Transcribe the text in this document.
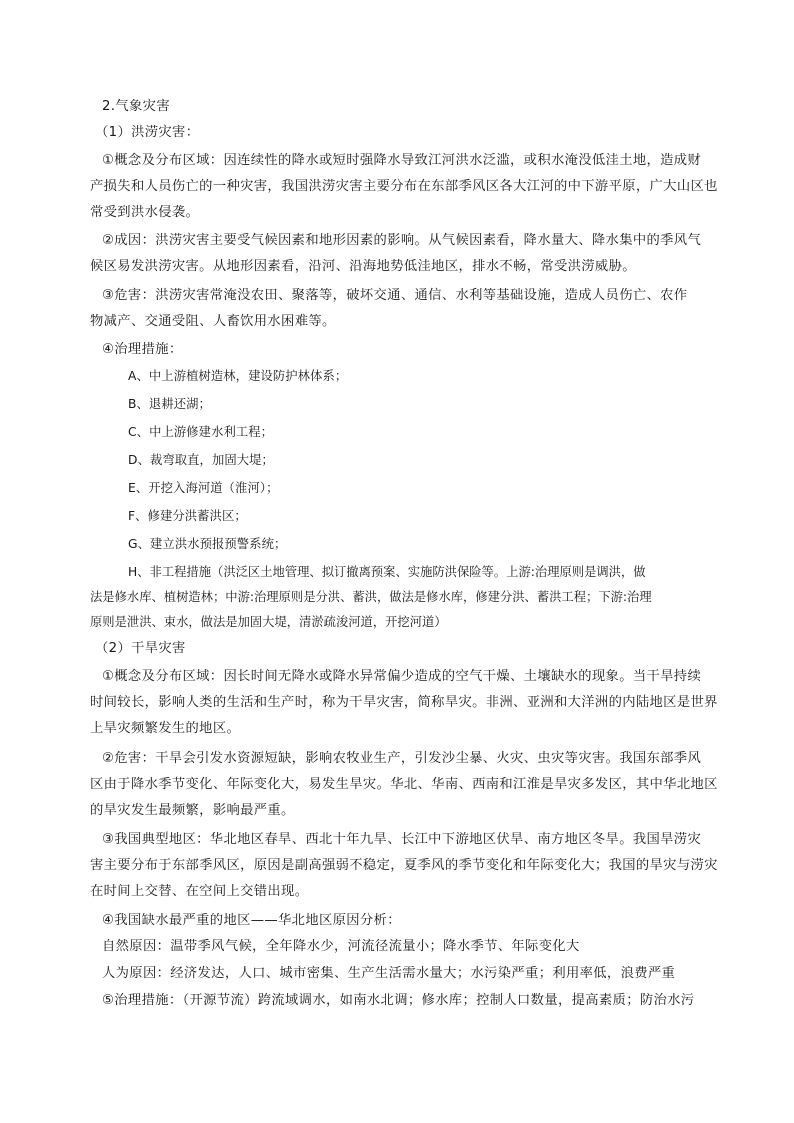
2.气象灾害
（1）洪涝灾害：
①概念及分布区域：因连续性的降水或短时强降水导致江河洪水泛滥，或积水淹没低洼土地，造成财
产损失和人员伤亡的一种灾害，我国洪涝灾害主要分布在东部季风区各大江河的中下游平原，广大山区也
常受到洪水侵袭。
②成因：洪涝灾害主要受气候因素和地形因素的影响。从气候因素看，降水量大、降水集中的季风气
候区易发洪涝灾害。从地形因素看，沿河、沿海地势低洼地区，排水不畅，常受洪涝威胁。
③危害：洪涝灾害常淹没农田、聚落等，破坏交通、通信、水利等基础设施，造成人员伤亡、农作
物减产、交通受阻、人畜饮用水困难等。
④治理措施：
A、中上游植树造林，建设防护林体系；
B、退耕还湖；
C、中上游修建水利工程；
D、裁弯取直，加固大堤；
E、开挖入海河道（淮河）；
F、修建分洪蓄洪区；
G、建立洪水预报预警系统；
H、非工程措施（洪泛区土地管理、拟订撤离预案、实施防洪保险等。上游:治理原则是调洪，做
法是修水库、植树造林；中游:治理原则是分洪、蓄洪，做法是修水库，修建分洪、蓄洪工程；下游:治理
原则是泄洪、束水，做法是加固大堤，清淤疏浚河道，开挖河道）
（2）干旱灾害
①概念及分布区域：因长时间无降水或降水异常偏少造成的空气干燥、土壤缺水的现象。当干旱持续
时间较长，影响人类的生活和生产时，称为干旱灾害，简称旱灾。非洲、亚洲和大洋洲的内陆地区是世界
上旱灾频繁发生的地区。
②危害：干旱会引发水资源短缺，影响农牧业生产，引发沙尘暴、火灾、虫灾等灾害。我国东部季风
区由于降水季节变化、年际变化大，易发生旱灾。华北、华南、西南和江淮是旱灾多发区，其中华北地区
的旱灾发生最频繁，影响最严重。
③我国典型地区：华北地区春旱、西北十年九旱、长江中下游地区伏旱、南方地区冬旱。我国旱涝灾
害主要分布于东部季风区，原因是副高强弱不稳定，夏季风的季节变化和年际变化大；我国的旱灾与涝灾
在时间上交替、在空间上交错出现。
④我国缺水最严重的地区——华北地区原因分析：
自然原因：温带季风气候，全年降水少，河流径流量小；降水季节、年际变化大
人为原因：经济发达，人口、城市密集、生产生活需水量大；水污染严重；利用率低，浪费严重
⑤治理措施：（开源节流）跨流域调水，如南水北调；修水库；控制人口数量，提高素质；防治水污
